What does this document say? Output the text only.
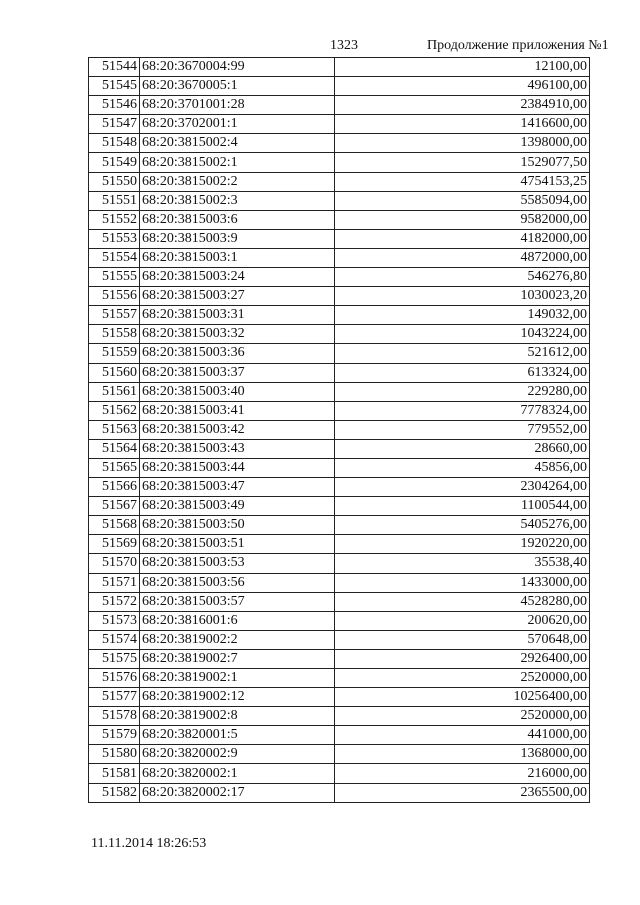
1323	Продолжение приложения №1
51544	68:20:3670004:99	12100,00
51545	68:20:3670005:1	496100,00
51546	68:20:3701001:28	2384910,00
51547	68:20:3702001:1	1416600,00
51548	68:20:3815002:4	1398000,00
51549	68:20:3815002:1	1529077,50
51550	68:20:3815002:2	4754153,25
51551	68:20:3815002:3	5585094,00
51552	68:20:3815003:6	9582000,00
51553	68:20:3815003:9	4182000,00
51554	68:20:3815003:1	4872000,00
51555	68:20:3815003:24	546276,80
51556	68:20:3815003:27	1030023,20
51557	68:20:3815003:31	149032,00
51558	68:20:3815003:32	1043224,00
51559	68:20:3815003:36	521612,00
51560	68:20:3815003:37	613324,00
51561	68:20:3815003:40	229280,00
51562	68:20:3815003:41	7778324,00
51563	68:20:3815003:42	779552,00
51564	68:20:3815003:43	28660,00
51565	68:20:3815003:44	45856,00
51566	68:20:3815003:47	2304264,00
51567	68:20:3815003:49	1100544,00
51568	68:20:3815003:50	5405276,00
51569	68:20:3815003:51	1920220,00
51570	68:20:3815003:53	35538,40
51571	68:20:3815003:56	1433000,00
51572	68:20:3815003:57	4528280,00
51573	68:20:3816001:6	200620,00
51574	68:20:3819002:2	570648,00
51575	68:20:3819002:7	2926400,00
51576	68:20:3819002:1	2520000,00
51577	68:20:3819002:12	10256400,00
51578	68:20:3819002:8	2520000,00
51579	68:20:3820001:5	441000,00
51580	68:20:3820002:9	1368000,00
51581	68:20:3820002:1	216000,00
51582	68:20:3820002:17	2365500,00
11.11.2014 18:26:53
